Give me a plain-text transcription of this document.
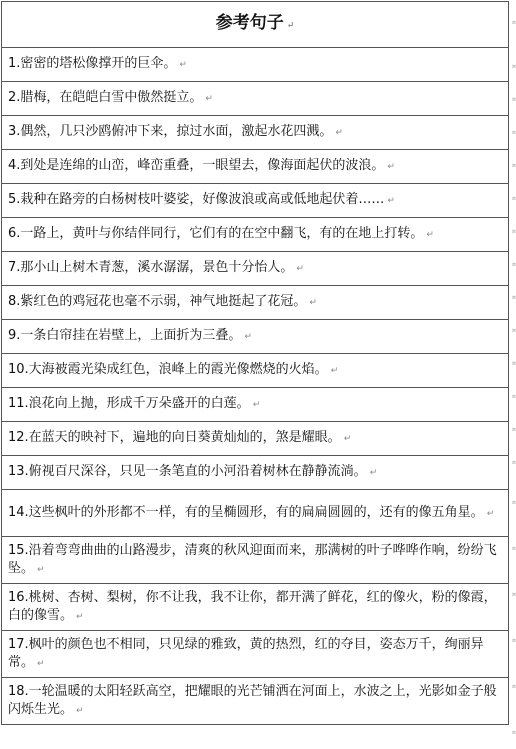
参考句子 ↵
1.密密的塔松像撑开的巨伞。 ↵
2.腊梅，在皑皑白雪中傲然挺立。 ↵
3.偶然，几只沙鸥俯冲下来，掠过水面，激起水花四溅。 ↵
4.到处是连绵的山峦，峰峦重叠，一眼望去，像海面起伏的波浪。 ↵
5.栽种在路旁的白杨树枝叶婆娑，好像波浪或高或低地起伏着…… ↵
6.一路上，黄叶与你结伴同行，它们有的在空中翻飞，有的在地上打转。 ↵
7.那小山上树木青葱，溪水潺潺，景色十分怡人。 ↵
8.紫红色的鸡冠花也毫不示弱，神气地挺起了花冠。 ↵
9.一条白帘挂在岩壁上，上面折为三叠。 ↵
10.大海被霞光染成红色，浪峰上的霞光像燃烧的火焰。 ↵
11.浪花向上抛，形成千万朵盛开的白莲。 ↵
12.在蓝天的映衬下，遍地的向日葵黄灿灿的，煞是耀眼。 ↵
13.俯视百尺深谷，只见一条笔直的小河沿着树林在静静流淌。 ↵
14.这些枫叶的外形都不一样，有的呈椭圆形，有的扁扁圆圆的，还有的像五角星。 ↵
15.沿着弯弯曲曲的山路漫步，清爽的秋风迎面而来，那满树的叶子哗哗作响，纷纷飞坠。 ↵
16.桃树、杏树、梨树，你不让我，我不让你，都开满了鲜花，红的像火，粉的像霞，白的像雪。 ↵
17.枫叶的颜色也不相同，只见绿的雅致，黄的热烈，红的夺目，姿态万千，绚丽异常。 ↵
18.一轮温暖的太阳轻跃高空，把耀眼的光芒铺洒在河面上，水波之上，光影如金子般闪烁生光。 ↵
¤
¤
¤
¤
¤
¤
¤
¤
¤
¤
¤
¤
¤
¤
¤
¤
¤
¤
¤
¤
